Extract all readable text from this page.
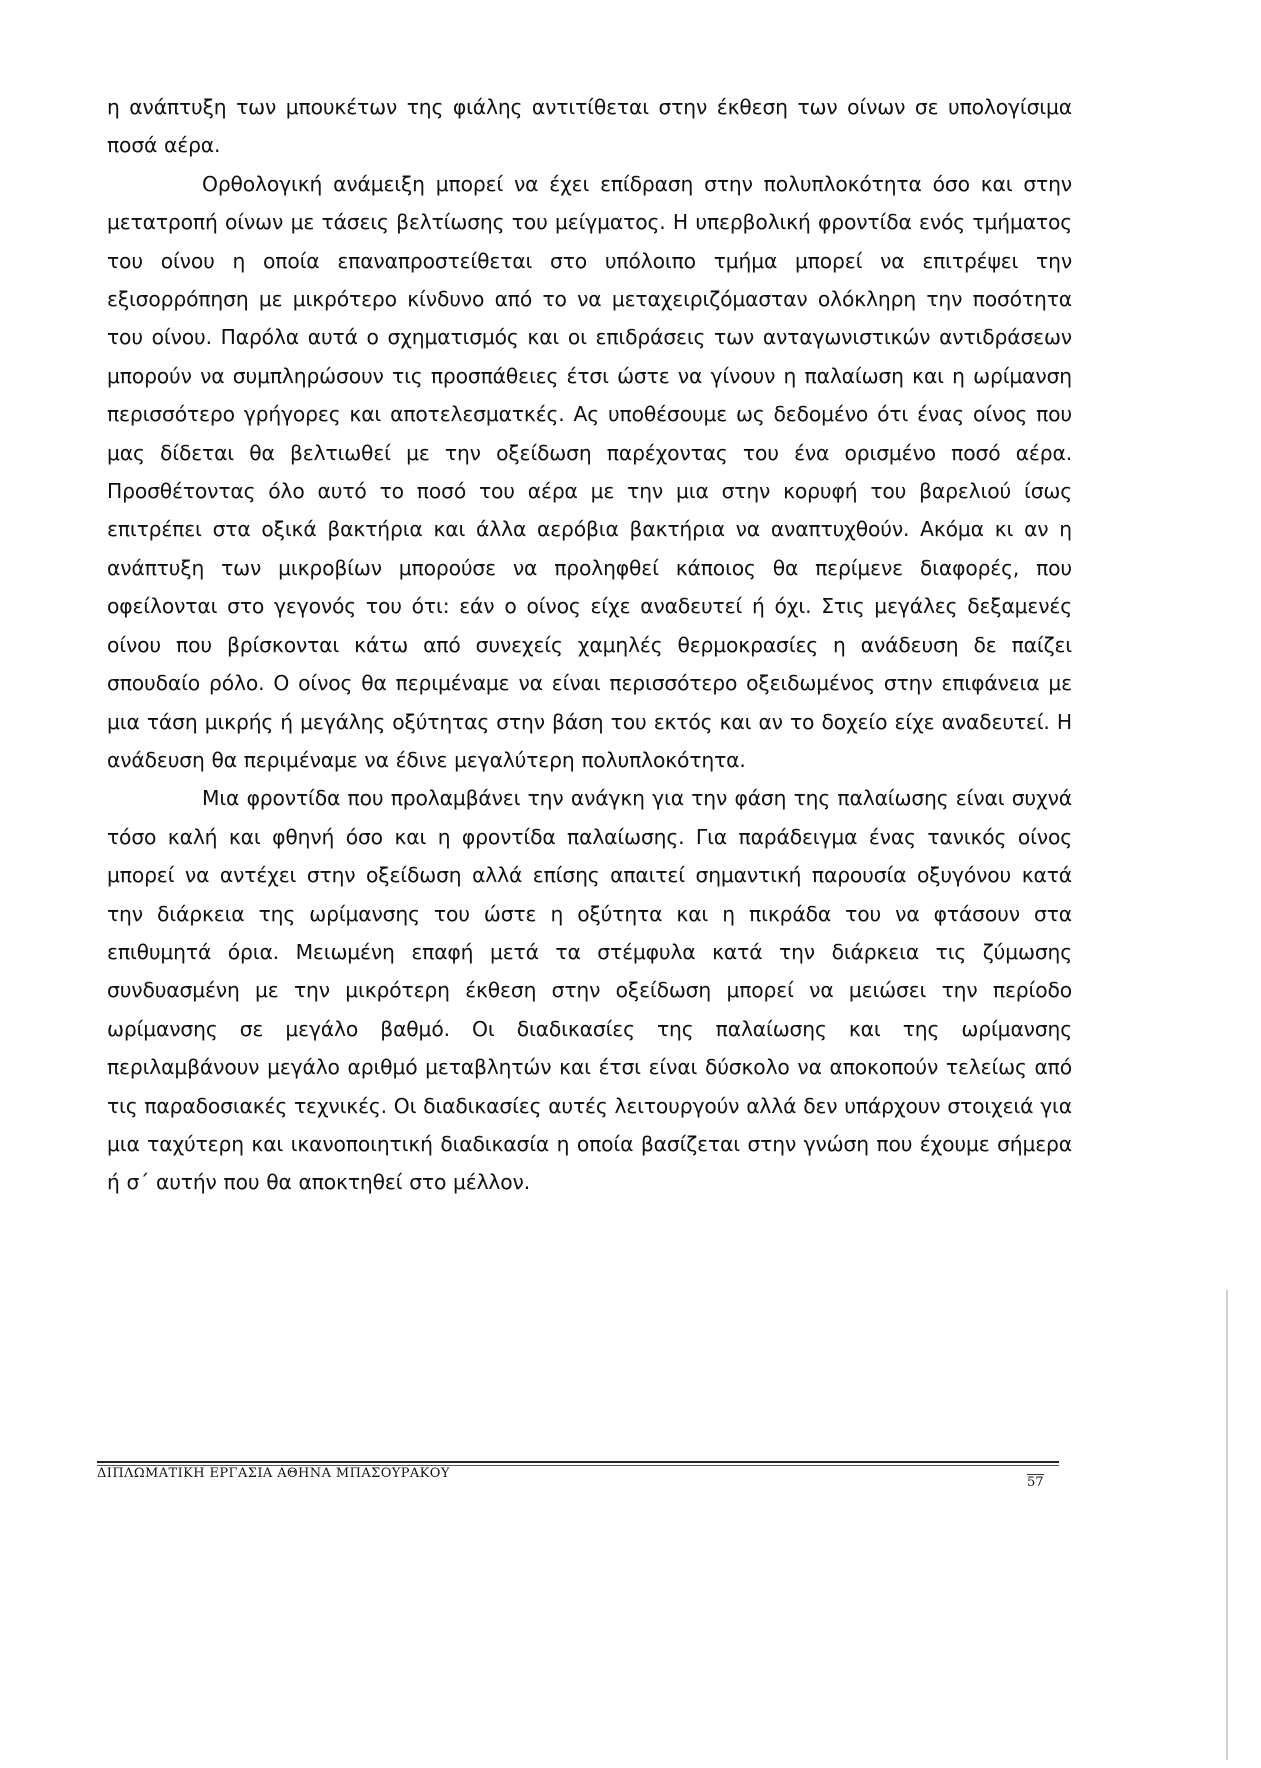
η ανάπτυξη των μπουκέτων της φιάλης αντιτίθεται στην έκθεση των οίνων σε υπολογίσιμα ποσά αέρα.

Ορθολογική ανάμειξη μπορεί να έχει επίδραση στην πολυπλοκότητα όσο και στην μετατροπή οίνων με τάσεις βελτίωσης του μείγματος. Η υπερβολική φροντίδα ενός τμήματος του οίνου η οποία επαναπροστείθεται στο υπόλοιπο τμήμα μπορεί να επιτρέψει την εξισορρόπηση με μικρότερο κίνδυνο από το να μεταχειριζόμασταν ολόκληρη την ποσότητα του οίνου. Παρόλα αυτά ο σχηματισμός και οι επιδράσεις των ανταγωνιστικών αντιδράσεων μπορούν να συμπληρώσουν τις προσπάθειες έτσι ώστε να γίνουν η παλαίωση και η ωρίμανση περισσότερο γρήγορες και αποτελεσματκές. Ας υποθέσουμε ως δεδομένο ότι ένας οίνος που μας δίδεται θα βελτιωθεί με την οξείδωση παρέχοντας του ένα ορισμένο ποσό αέρα. Προσθέτοντας όλο αυτό το ποσό του αέρα με την μια στην κορυφή του βαρελιού ίσως επιτρέπει στα οξικά βακτήρια και άλλα αερόβια βακτήρια να αναπτυχθούν. Ακόμα κι αν η ανάπτυξη των μικροβίων μπορούσε να προληφθεί κάποιος θα περίμενε διαφορές, που οφείλονται στο γεγονός του ότι: εάν ο οίνος είχε αναδευτεί ή όχι. Στις μεγάλες δεξαμενές οίνου που βρίσκονται κάτω από συνεχείς χαμηλές θερμοκρασίες η ανάδευση δε παίζει σπουδαίο ρόλο. Ο οίνος θα περιμέναμε να είναι περισσότερο οξειδωμένος στην επιφάνεια με μια τάση μικρής ή μεγάλης οξύτητας στην βάση του εκτός και αν το δοχείο είχε αναδευτεί. Η ανάδευση θα περιμέναμε να έδινε μεγαλύτερη πολυπλοκότητα.

Μια φροντίδα που προλαμβάνει την ανάγκη για την φάση της παλαίωσης είναι συχνά τόσο καλή και φθηνή όσο και η φροντίδα παλαίωσης. Για παράδειγμα ένας τανικός οίνος μπορεί να αντέχει στην οξείδωση αλλά επίσης απαιτεί σημαντική παρουσία οξυγόνου κατά την διάρκεια της ωρίμανσης του ώστε η οξύτητα και η πικράδα του να φτάσουν στα επιθυμητά όρια. Μειωμένη επαφή μετά τα στέμφυλα κατά την διάρκεια τις ζύμωσης συνδυασμένη με την μικρότερη έκθεση στην οξείδωση μπορεί να μειώσει την περίοδο ωρίμανσης σε μεγάλο βαθμό. Οι διαδικασίες της παλαίωσης και της ωρίμανσης περιλαμβάνουν μεγάλο αριθμό μεταβλητών και έτσι είναι δύσκολο να αποκοπούν τελείως από τις παραδοσιακές τεχνικές. Οι διαδικασίες αυτές λειτουργούν αλλά δεν υπάρχουν στοιχειά για μια ταχύτερη και ικανοποιητική διαδικασία η οποία βασίζεται στην γνώση που έχουμε σήμερα ή σ΄ αυτήν που θα αποκτηθεί στο μέλλον.

ΔΙΠΛΩΜΑΤΙΚΗ ΕΡΓΑΣΙΑ ΑΘΗΝΑ ΜΠΑΣΟΥΡΑΚΟΥ
57
